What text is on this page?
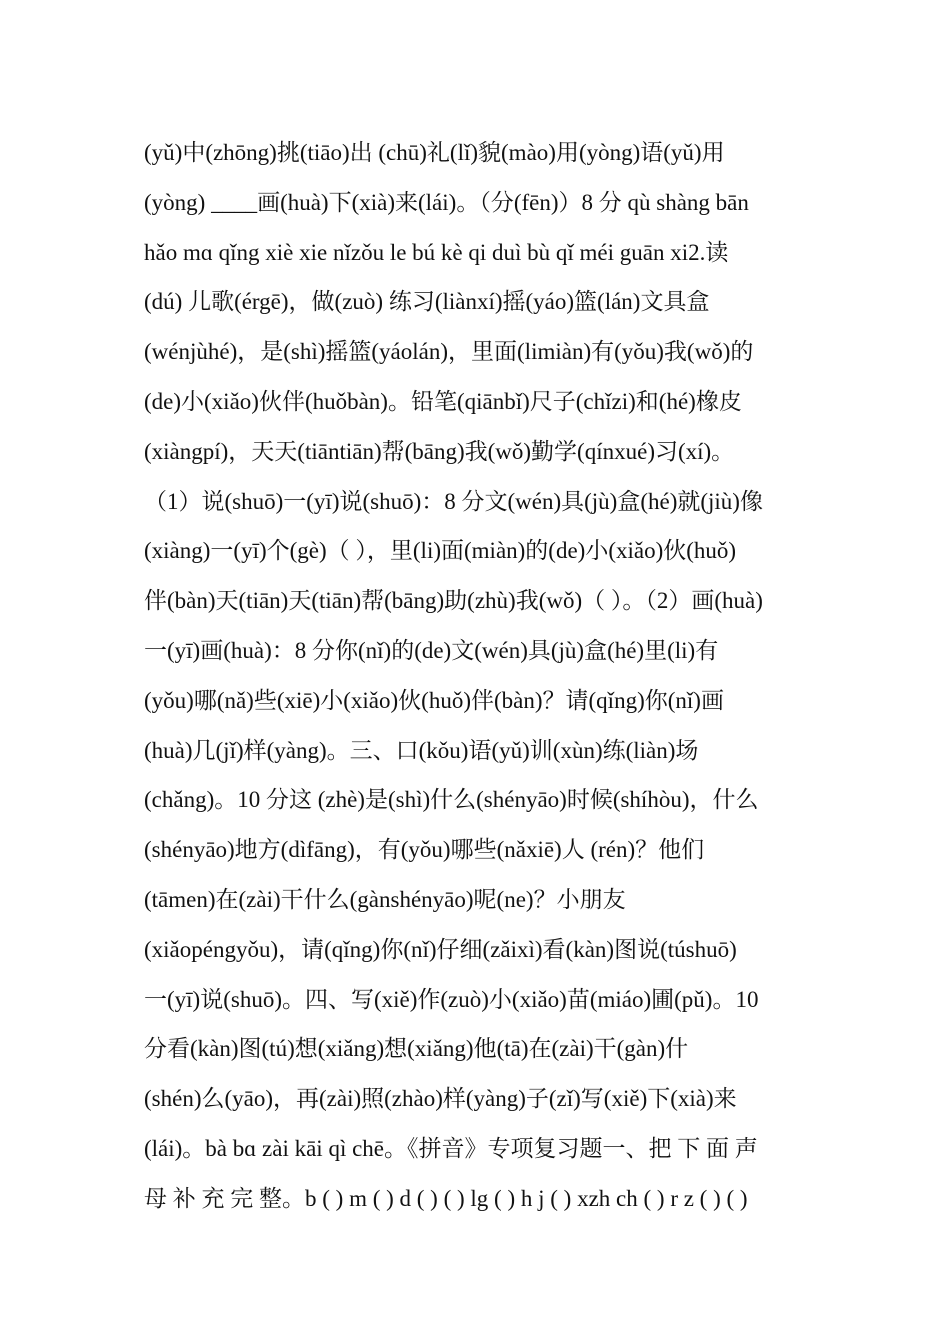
(yǔ)中(zhōng)挑(tiāo)出 (chū)礼(lǐ)貌(mào)用(yòng)语(yǔ)用
(yòng) ____画(huà)下(xià)来(lái)。（分(fēn)）8 分 qù shàng bān
hǎo mɑ qǐng xiè xie nǐzǒu le bú kè qi duì bù qǐ méi guān xi2.读
(dú) 儿歌(érgē)，做(zuò) 练习(liànxí)摇(yáo)篮(lán)文具盒
(wénjùhé)，是(shì)摇篮(yáolán)，里面(limiàn)有(yǒu)我(wǒ)的
(de)小(xiǎo)伙伴(huǒbàn)。铅笔(qiānbǐ)尺子(chǐzi)和(hé)橡皮
(xiàngpí)，天天(tiāntiān)帮(bāng)我(wǒ)勤学(qínxué)习(xí)。
（1）说(shuō)一(yī)说(shuō)：8 分文(wén)具(jù)盒(hé)就(jiù)像
(xiàng)一(yī)个(gè)（ ），里(li)面(miàn)的(de)小(xiǎo)伙(huǒ)
伴(bàn)天(tiān)天(tiān)帮(bāng)助(zhù)我(wǒ)（ ）。（2）画(huà)
一(yī)画(huà)：8 分你(nǐ)的(de)文(wén)具(jù)盒(hé)里(li)有
(yǒu)哪(nǎ)些(xiē)小(xiǎo)伙(huǒ)伴(bàn)？请(qǐng)你(nǐ)画
(huà)几(jǐ)样(yàng)。三、口(kǒu)语(yǔ)训(xùn)练(liàn)场
(chǎng)。10 分这 (zhè)是(shì)什么(shényāo)时候(shíhòu)，什么
(shényāo)地方(dìfāng)，有(yǒu)哪些(nǎxiē)人 (rén)？他们
(tāmen)在(zài)干什么(gànshényāo)呢(ne)？小朋友
(xiǎopéngyǒu)，请(qǐng)你(nǐ)仔细(zǎixì)看(kàn)图说(túshuō)
一(yī)说(shuō)。四、写(xiě)作(zuò)小(xiǎo)苗(miáo)圃(pǔ)。10
分看(kàn)图(tú)想(xiǎng)想(xiǎng)他(tā)在(zài)干(gàn)什
(shén)么(yāo)，再(zài)照(zhào)样(yàng)子(zǐ)写(xiě)下(xià)来
(lái)。bà bɑ zài kāi qì chē。《拼音》专项复习题一、把 下 面 声
母 补 充 完 整。b ( ) m ( ) d ( ) ( ) lg ( ) h j ( ) xzh ch ( ) r z ( ) ( )
